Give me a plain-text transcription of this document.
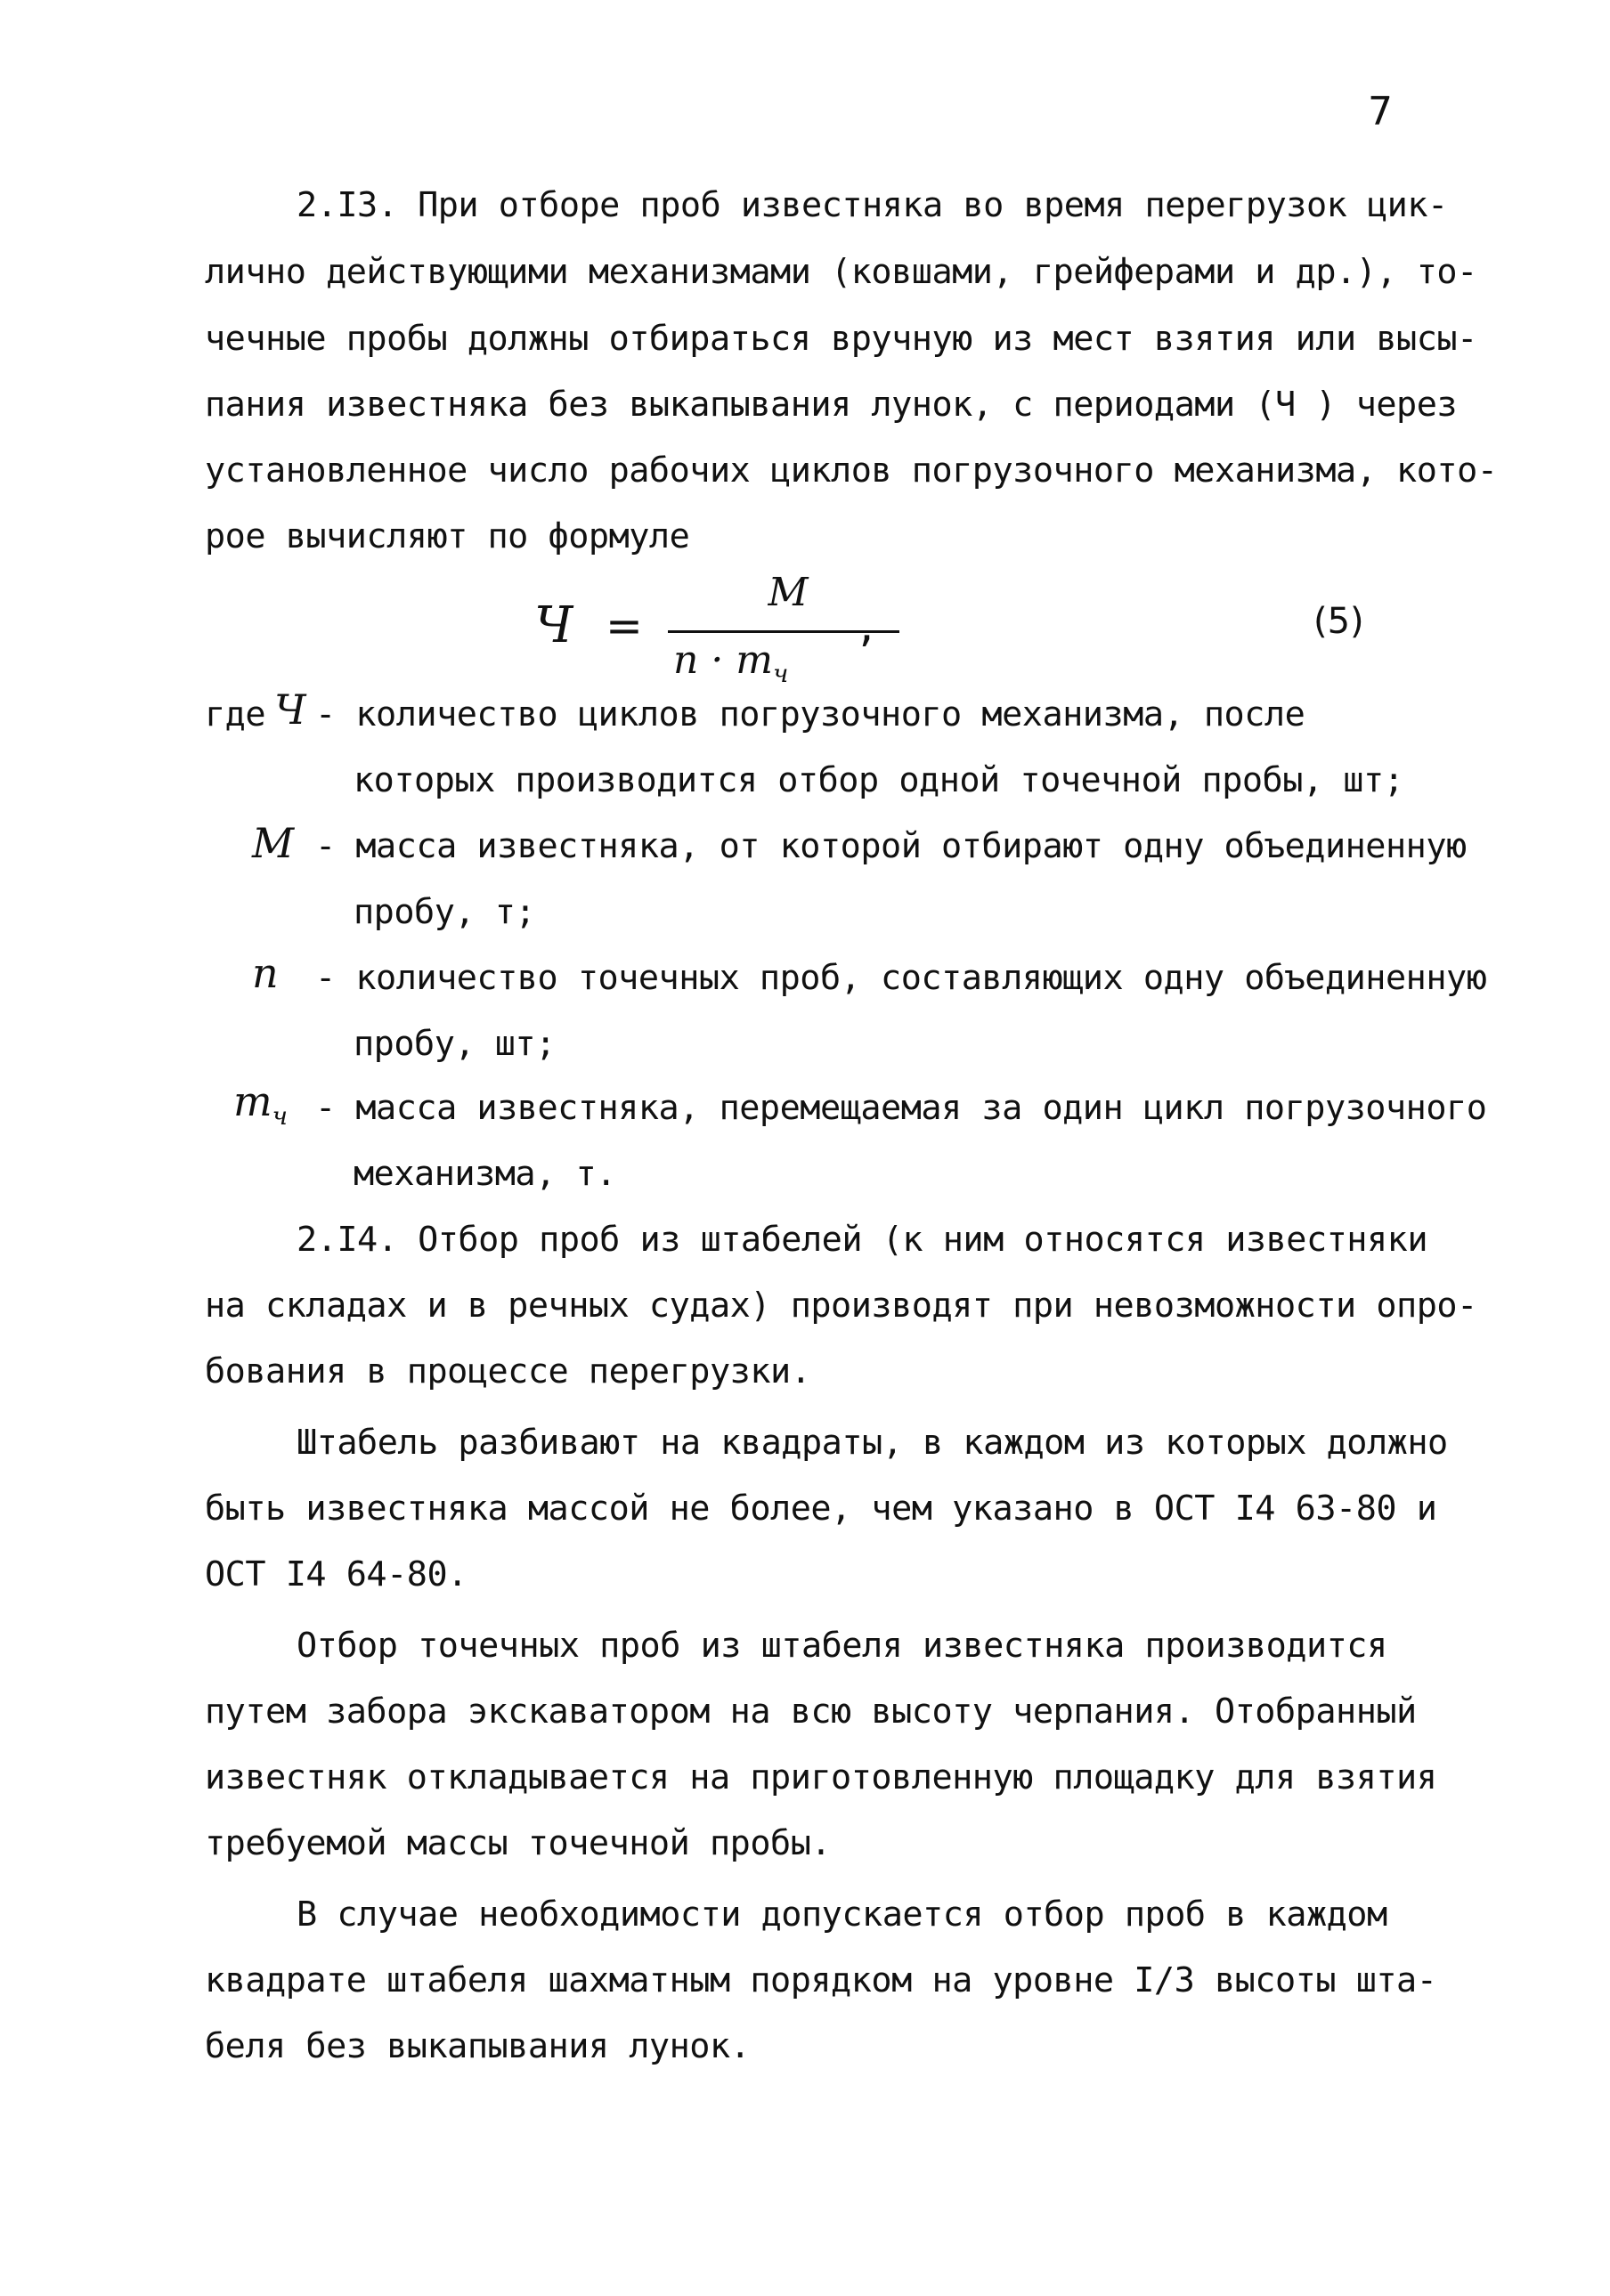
7
2.I3. При отборе проб известняка во время перегрузок цик-
лично действующими механизмами (ковшами, грейферами и др.), то-
чечные пробы должны отбираться вручную из мест взятия или высы-
пания известняка без выкапывания лунок, с периодами (Ч ) через
установленное число рабочих циклов погрузочного механизма, кото-
рое вычисляют по формуле
Ч =
M
$n \cdot m_ч$
,	(5)
где Ч - количество циклов погрузочного механизма, после
которых производится отбор одной точечной пробы, шт;
M - масса известняка, от которой отбирают одну объединенную
пробу, т;
n - количество точечных проб, составляющих одну объединенную
пробу, шт;
$m_ч$ - масса известняка, перемещаемая за один цикл погрузочного
механизма, т.
2.I4. Отбор проб из штабелей (к ним относятся известняки
на складах и в речных судах) производят при невозможности опро-
бования в процессе перегрузки.
Штабель разбивают на квадраты, в каждом из которых должно
быть известняка массой не более, чем указано в ОСТ I4 63-80 и
ОСТ I4 64-80.
Отбор точечных проб из штабеля известняка производится
путем забора экскаватором на всю высоту черпания. Отобранный
известняк откладывается на приготовленную площадку для взятия
требуемой массы точечной пробы.
В случае необходимости допускается отбор проб в каждом
квадрате штабеля шахматным порядком на уровне I/3 высоты шта-
беля без выкапывания лунок.
